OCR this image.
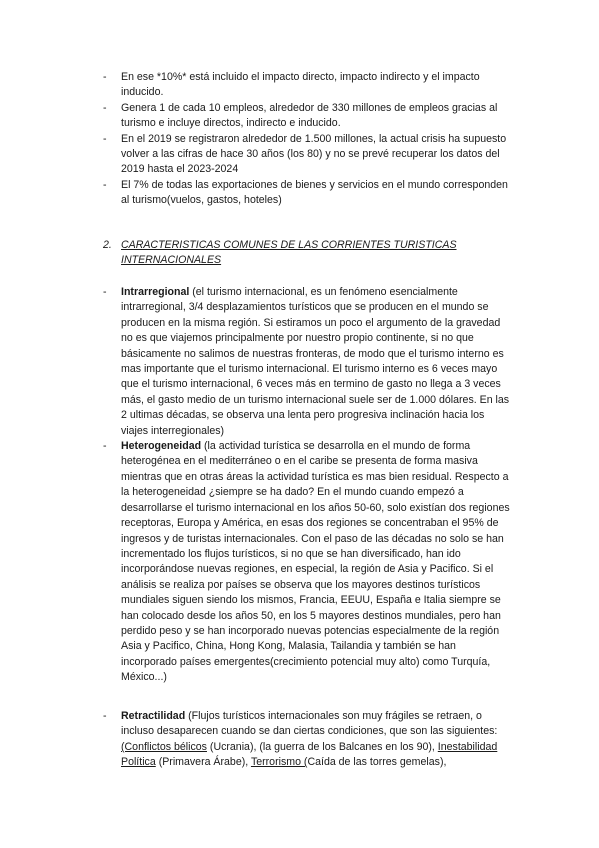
- En ese *10%* está incluido el impacto directo, impacto indirecto y el impacto inducido.
- Genera 1 de cada 10 empleos, alrededor de 330 millones de empleos gracias al turismo e incluye directos, indirecto e inducido.
- En el 2019 se registraron alrededor de 1.500 millones, la actual crisis ha supuesto volver a las cifras de hace 30 años (los 80) y no se prevé recuperar los datos del 2019 hasta el 2023-2024
- El 7% de todas las exportaciones de bienes y servicios en el mundo corresponden al turismo(vuelos, gastos, hoteles)
2. CARACTERISTICAS COMUNES DE LAS CORRIENTES TURISTICAS INTERNACIONALES
- Intrarregional (el turismo internacional, es un fenómeno esencialmente intrarregional, 3/4 desplazamientos turísticos que se producen en el mundo se producen en la misma región. Si estiramos un poco el argumento de la gravedad no es que viajemos principalmente por nuestro propio continente, si no que básicamente no salimos de nuestras fronteras, de modo que el turismo interno es mas importante que el turismo internacional. El turismo interno es 6 veces mayo que el turismo internacional, 6 veces más en termino de gasto no llega a 3 veces más, el gasto medio de un turismo internacional suele ser de 1.000 dólares. En las 2 ultimas décadas, se observa una lenta pero progresiva inclinación hacia los viajes interregionales)
- Heterogeneidad (la actividad turística se desarrolla en el mundo de forma heterogénea en el mediterráneo o en el caribe se presenta de forma masiva mientras que en otras áreas la actividad turística es mas bien residual. Respecto a la heterogeneidad ¿siempre se ha dado? En el mundo cuando empezó a desarrollarse el turismo internacional en los años 50-60, solo existían dos regiones receptoras, Europa y América, en esas dos regiones se concentraban el 95% de ingresos y de turistas internacionales. Con el paso de las décadas no solo se han incrementado los flujos turísticos, si no que se han diversificado, han ido incorporándose nuevas regiones, en especial, la región de Asia y Pacifico. Si el análisis se realiza por países se observa que los mayores destinos turísticos mundiales siguen siendo los mismos, Francia, EEUU, España e Italia siempre se han colocado desde los años 50, en los 5 mayores destinos mundiales, pero han perdido peso y se han incorporado nuevas potencias especialmente de la región Asia y Pacifico, China, Hong Kong, Malasia, Tailandia y también se han incorporado países emergentes(crecimiento potencial muy alto) como Turquía, México...)
- Retractilidad (Flujos turísticos internacionales son muy frágiles se retraen, o incluso desaparecen cuando se dan ciertas condiciones, que son las siguientes: (Conflictos bélicos (Ucrania), (la guerra de los Balcanes en los 90), Inestabilidad Política (Primavera Árabe), Terrorismo (Caída de las torres gemelas),
